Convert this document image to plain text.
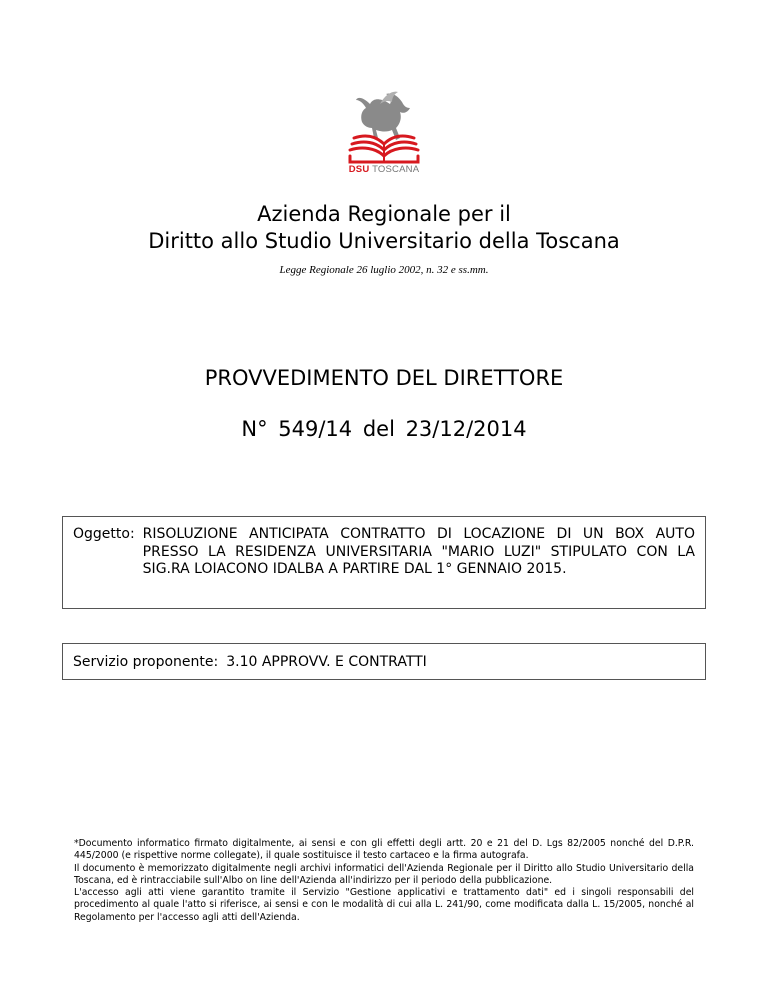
DSU TOSCANA
Azienda Regionale per il
Diritto allo Studio Universitario della Toscana
Legge Regionale 26 luglio 2002, n. 32 e ss.mm.
PROVVEDIMENTO DEL DIRETTORE
N° 549/14 del 23/12/2014
Oggetto: RISOLUZIONE ANTICIPATA CONTRATTO DI LOCAZIONE DI UN BOX AUTO PRESSO LA RESIDENZA UNIVERSITARIA "MARIO LUZI" STIPULATO CON LA SIG.RA LOIACONO IDALBA A PARTIRE DAL 1° GENNAIO 2015.
Servizio proponente: 3.10 APPROVV. E CONTRATTI

*Documento informatico firmato digitalmente, ai sensi e con gli effetti degli artt. 20 e 21 del D. Lgs 82/2005 nonché del D.P.R. 445/2000 (e rispettive norme collegate), il quale sostituisce il testo cartaceo e la firma autografa.

Il documento è memorizzato digitalmente negli archivi informatici dell'Azienda Regionale per il Diritto allo Studio Universitario della Toscana, ed è rintracciabile sull'Albo on line dell'Azienda all'indirizzo per il periodo della pubblicazione.

L'accesso agli atti viene garantito tramite il Servizio "Gestione applicativi e trattamento dati" ed i singoli responsabili del procedimento al quale l'atto si riferisce, ai sensi e con le modalità di cui alla L. 241/90, come modificata dalla L. 15/2005, nonché al Regolamento per l'accesso agli atti dell'Azienda.
